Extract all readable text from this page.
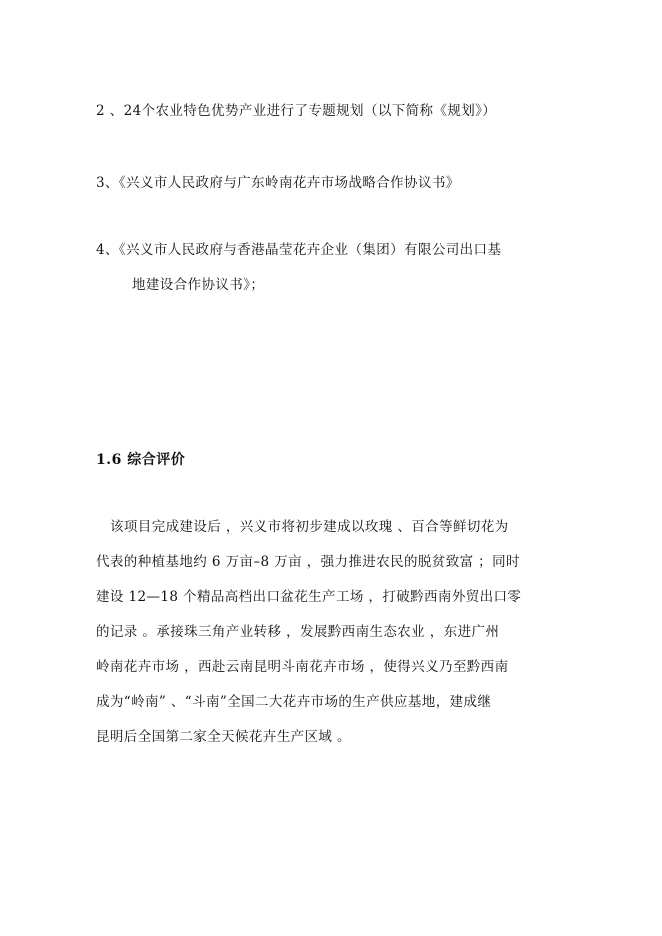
2 、24个农业特色优势产业进行了专题规划（以下简称《规划》）
3、《兴义市人民政府与广东岭南花卉市场战略合作协议书》
4、《兴义市人民政府与香港晶莹花卉企业（集团）有限公司出口基
地建设合作协议书》；
1.6 综合评价
该项目完成建设后 ，兴义市将初步建成以玫瑰 、百合等鲜切花为
代表的种植基地约 6 万亩–8 万亩 ，强力推进农民的脱贫致富 ；同时
建设 12—18 个精品高档出口盆花生产工场 ，打破黔西南外贸出口零
的记录 。承接珠三角产业转移 ，发展黔西南生态农业 ，东进广州
岭南花卉市场 ，西赴云南昆明斗南花卉市场 ，使得兴义乃至黔西南
成为“岭南” 、“斗南”全国二大花卉市场的生产供应基地，建成继
昆明后全国第二家全天候花卉生产区域 。
